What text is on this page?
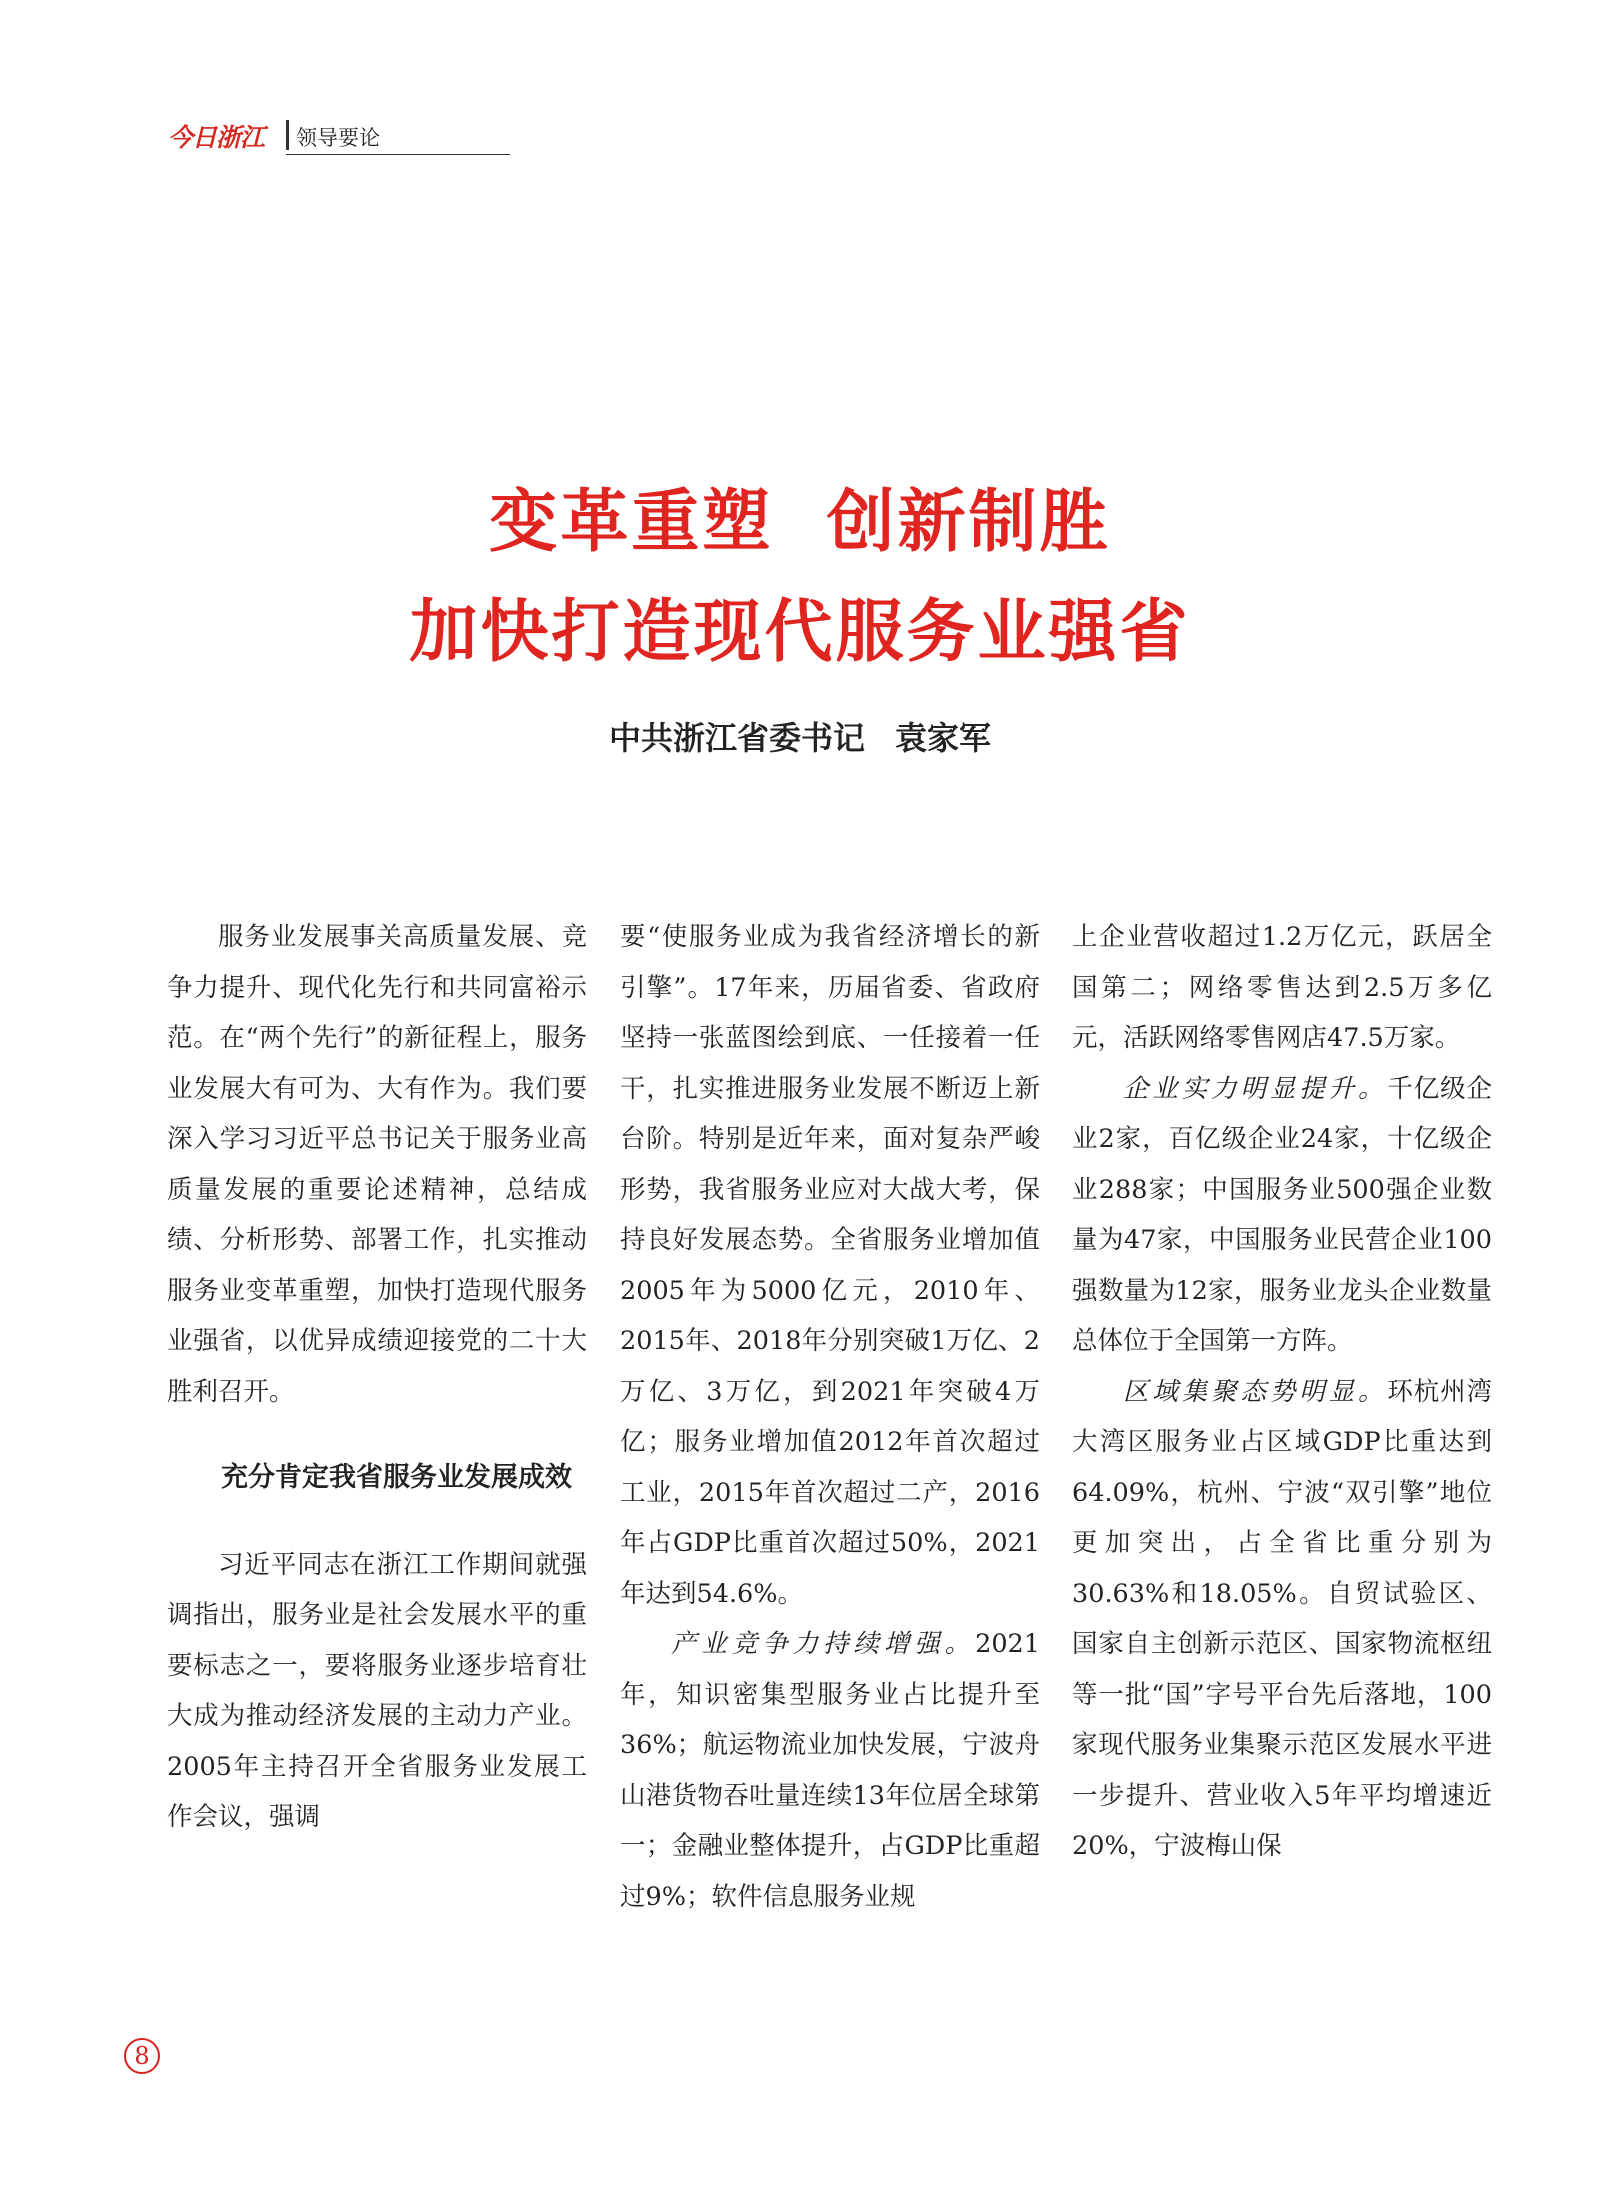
今日浙江 领导要论
变革重塑  创新制胜
加快打造现代服务业强省
中共浙江省委书记 袁家军

服务业发展事关高质量发展、竞争力提升、现代化先行和共同富裕示范。在“两个先行”的新征程上，服务业发展大有可为、大有作为。我们要深入学习习近平总书记关于服务业高质量发展的重要论述精神，总结成绩、分析形势、部署工作，扎实推动服务业变革重塑，加快打造现代服务业强省，以优异成绩迎接党的二十大胜利召开。

充分肯定我省服务业发展成效

习近平同志在浙江工作期间就强调指出，服务业是社会发展水平的重要标志之一，要将服务业逐步培育壮大成为推动经济发展的主动力产业。2005年主持召开全省服务业发展工作会议，强调

要“使服务业成为我省经济增长的新引擎”。17年来，历届省委、省政府坚持一张蓝图绘到底、一任接着一任干，扎实推进服务业发展不断迈上新台阶。特别是近年来，面对复杂严峻形势，我省服务业应对大战大考，保持良好发展态势。全省服务业增加值2005年为5000亿元，2010年、2015年、2018年分别突破1万亿、2万亿、3万亿，到2021年突破4万亿；服务业增加值2012年首次超过工业，2015年首次超过二产，2016年占GDP比重首次超过50%，2021年达到54.6%。

产业竞争力持续增强。2021年，知识密集型服务业占比提升至36%；航运物流业加快发展，宁波舟山港货物吞吐量连续13年位居全球第一；金融业整体提升，占GDP比重超过9%；软件信息服务业规

上企业营收超过1.2万亿元，跃居全国第二；网络零售达到2.5万多亿元，活跃网络零售网店47.5万家。

企业实力明显提升。千亿级企业2家，百亿级企业24家，十亿级企业288家；中国服务业500强企业数量为47家，中国服务业民营企业100强数量为12家，服务业龙头企业数量总体位于全国第一方阵。

区域集聚态势明显。环杭州湾大湾区服务业占区域GDP比重达到64.09%，杭州、宁波“双引擎”地位更加突出，占全省比重分别为30.63%和18.05%。自贸试验区、国家自主创新示范区、国家物流枢纽等一批“国”字号平台先后落地，100家现代服务业集聚示范区发展水平进一步提升、营业收入5年平均增速近20%，宁波梅山保

8
